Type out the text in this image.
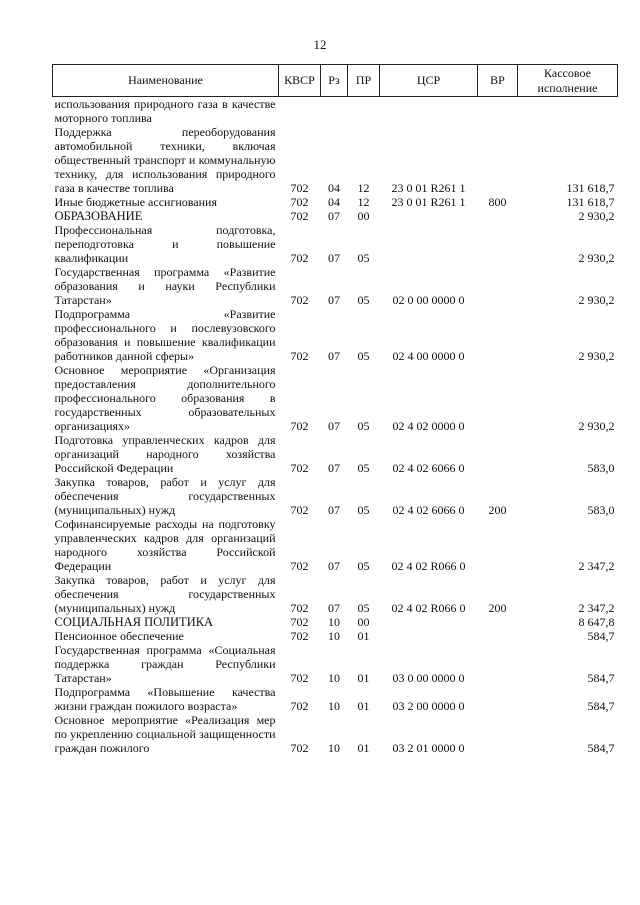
12
Наименование	КВСР	Рз	ПР	ЦСР	ВР	Кассовое исполнение
использования природного газа в качестве моторного топлива						
Поддержка переоборудования автомобильной техники, включая общественный транспорт и коммунальную технику, для использования природного газа в качестве топлива	702	04	12	23 0 01 R261 1		131 618,7
Иные бюджетные ассигнования	702	04	12	23 0 01 R261 1	800	131 618,7
ОБРАЗОВАНИЕ	702	07	00			2 930,2
Профессиональная подготовка, переподготовка и повышение квалификации	702	07	05			2 930,2
Государственная программа «Развитие образования и науки Республики Татарстан»	702	07	05	02 0 00 0000 0		2 930,2
Подпрограмма «Развитие профессионального и послевузовского образования и повышение квалификации работников данной сферы»	702	07	05	02 4 00 0000 0		2 930,2
Основное мероприятие «Организация предоставления дополнительного профессионального образования в государственных образовательных организациях»	702	07	05	02 4 02 0000 0		2 930,2
Подготовка управленческих кадров для организаций народного хозяйства Российской Федерации	702	07	05	02 4 02 6066 0		583,0
Закупка товаров, работ и услуг для обеспечения государственных (муниципальных) нужд	702	07	05	02 4 02 6066 0	200	583,0
Софинансируемые расходы на подготовку управленческих кадров для организаций народного хозяйства Российской Федерации	702	07	05	02 4 02 R066 0		2 347,2
Закупка товаров, работ и услуг для обеспечения государственных (муниципальных) нужд	702	07	05	02 4 02 R066 0	200	2 347,2
СОЦИАЛЬНАЯ ПОЛИТИКА	702	10	00			8 647,8
Пенсионное обеспечение	702	10	01			584,7
Государственная программа «Социальная поддержка граждан Республики Татарстан»	702	10	01	03 0 00 0000 0		584,7
Подпрограмма «Повышение качества жизни граждан пожилого возраста»	702	10	01	03 2 00 0000 0		584,7
Основное мероприятие «Реализация мер по укреплению социальной защищенности граждан пожилого	702	10	01	03 2 01 0000 0		584,7
